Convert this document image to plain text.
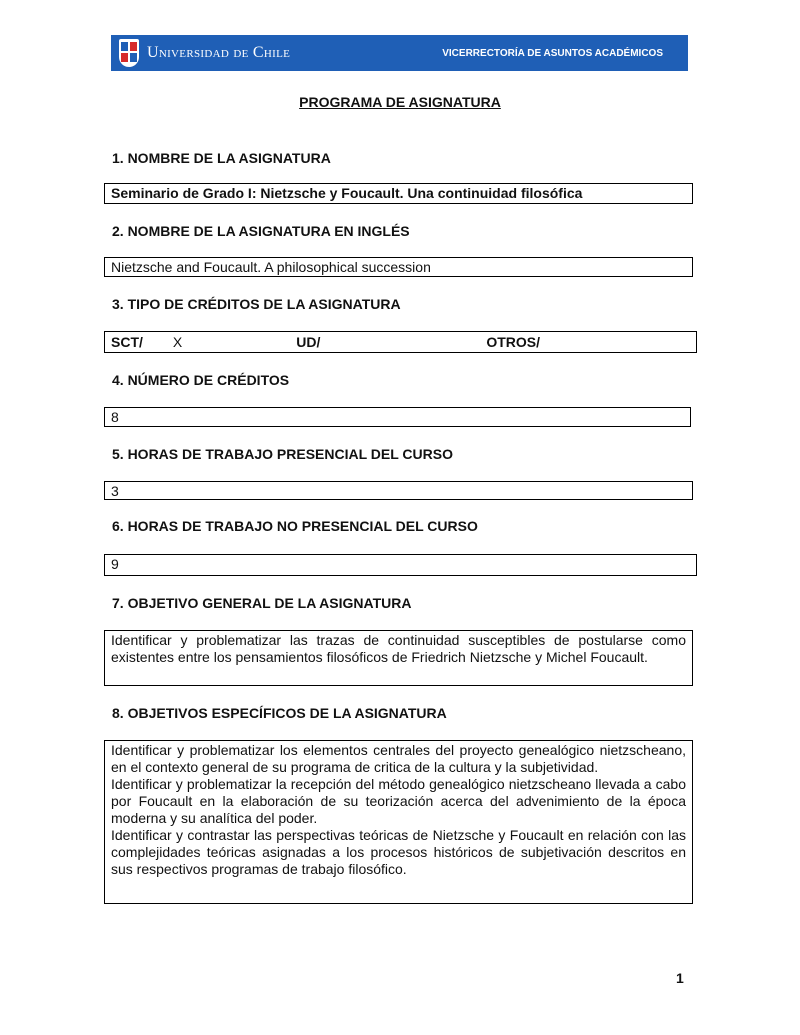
Universidad de Chile	VICERRECTORÍA DE ASUNTOS ACADÉMICOS
PROGRAMA DE ASIGNATURA
1. NOMBRE DE LA ASIGNATURA
Seminario de Grado I: Nietzsche y Foucault. Una continuidad filosófica
2. NOMBRE DE LA ASIGNATURA EN INGLÉS
Nietzsche and Foucault. A philosophical succession
3. TIPO DE CRÉDITOS DE LA ASIGNATURA
SCT/ X	UD/	OTROS/
4. NÚMERO DE CRÉDITOS
8
5. HORAS DE TRABAJO PRESENCIAL DEL CURSO
3
6. HORAS DE TRABAJO NO PRESENCIAL DEL CURSO
9
7. OBJETIVO GENERAL DE LA ASIGNATURA
Identificar y problematizar las trazas de continuidad susceptibles de postularse como existentes entre los pensamientos filosóficos de Friedrich Nietzsche y Michel Foucault.
8. OBJETIVOS ESPECÍFICOS DE LA ASIGNATURA

Identificar y problematizar los elementos centrales del proyecto genealógico nietzscheano, en el contexto general de su programa de critica de la cultura y la subjetividad.

Identificar y problematizar la recepción del método genealógico nietzscheano llevada a cabo por Foucault en la elaboración de su teorización acerca del advenimiento de la época moderna y su analítica del poder.

Identificar y contrastar las perspectivas teóricas de Nietzsche y Foucault en relación con las complejidades teóricas asignadas a los procesos históricos de subjetivación descritos en sus respectivos programas de trabajo filosófico.

1
